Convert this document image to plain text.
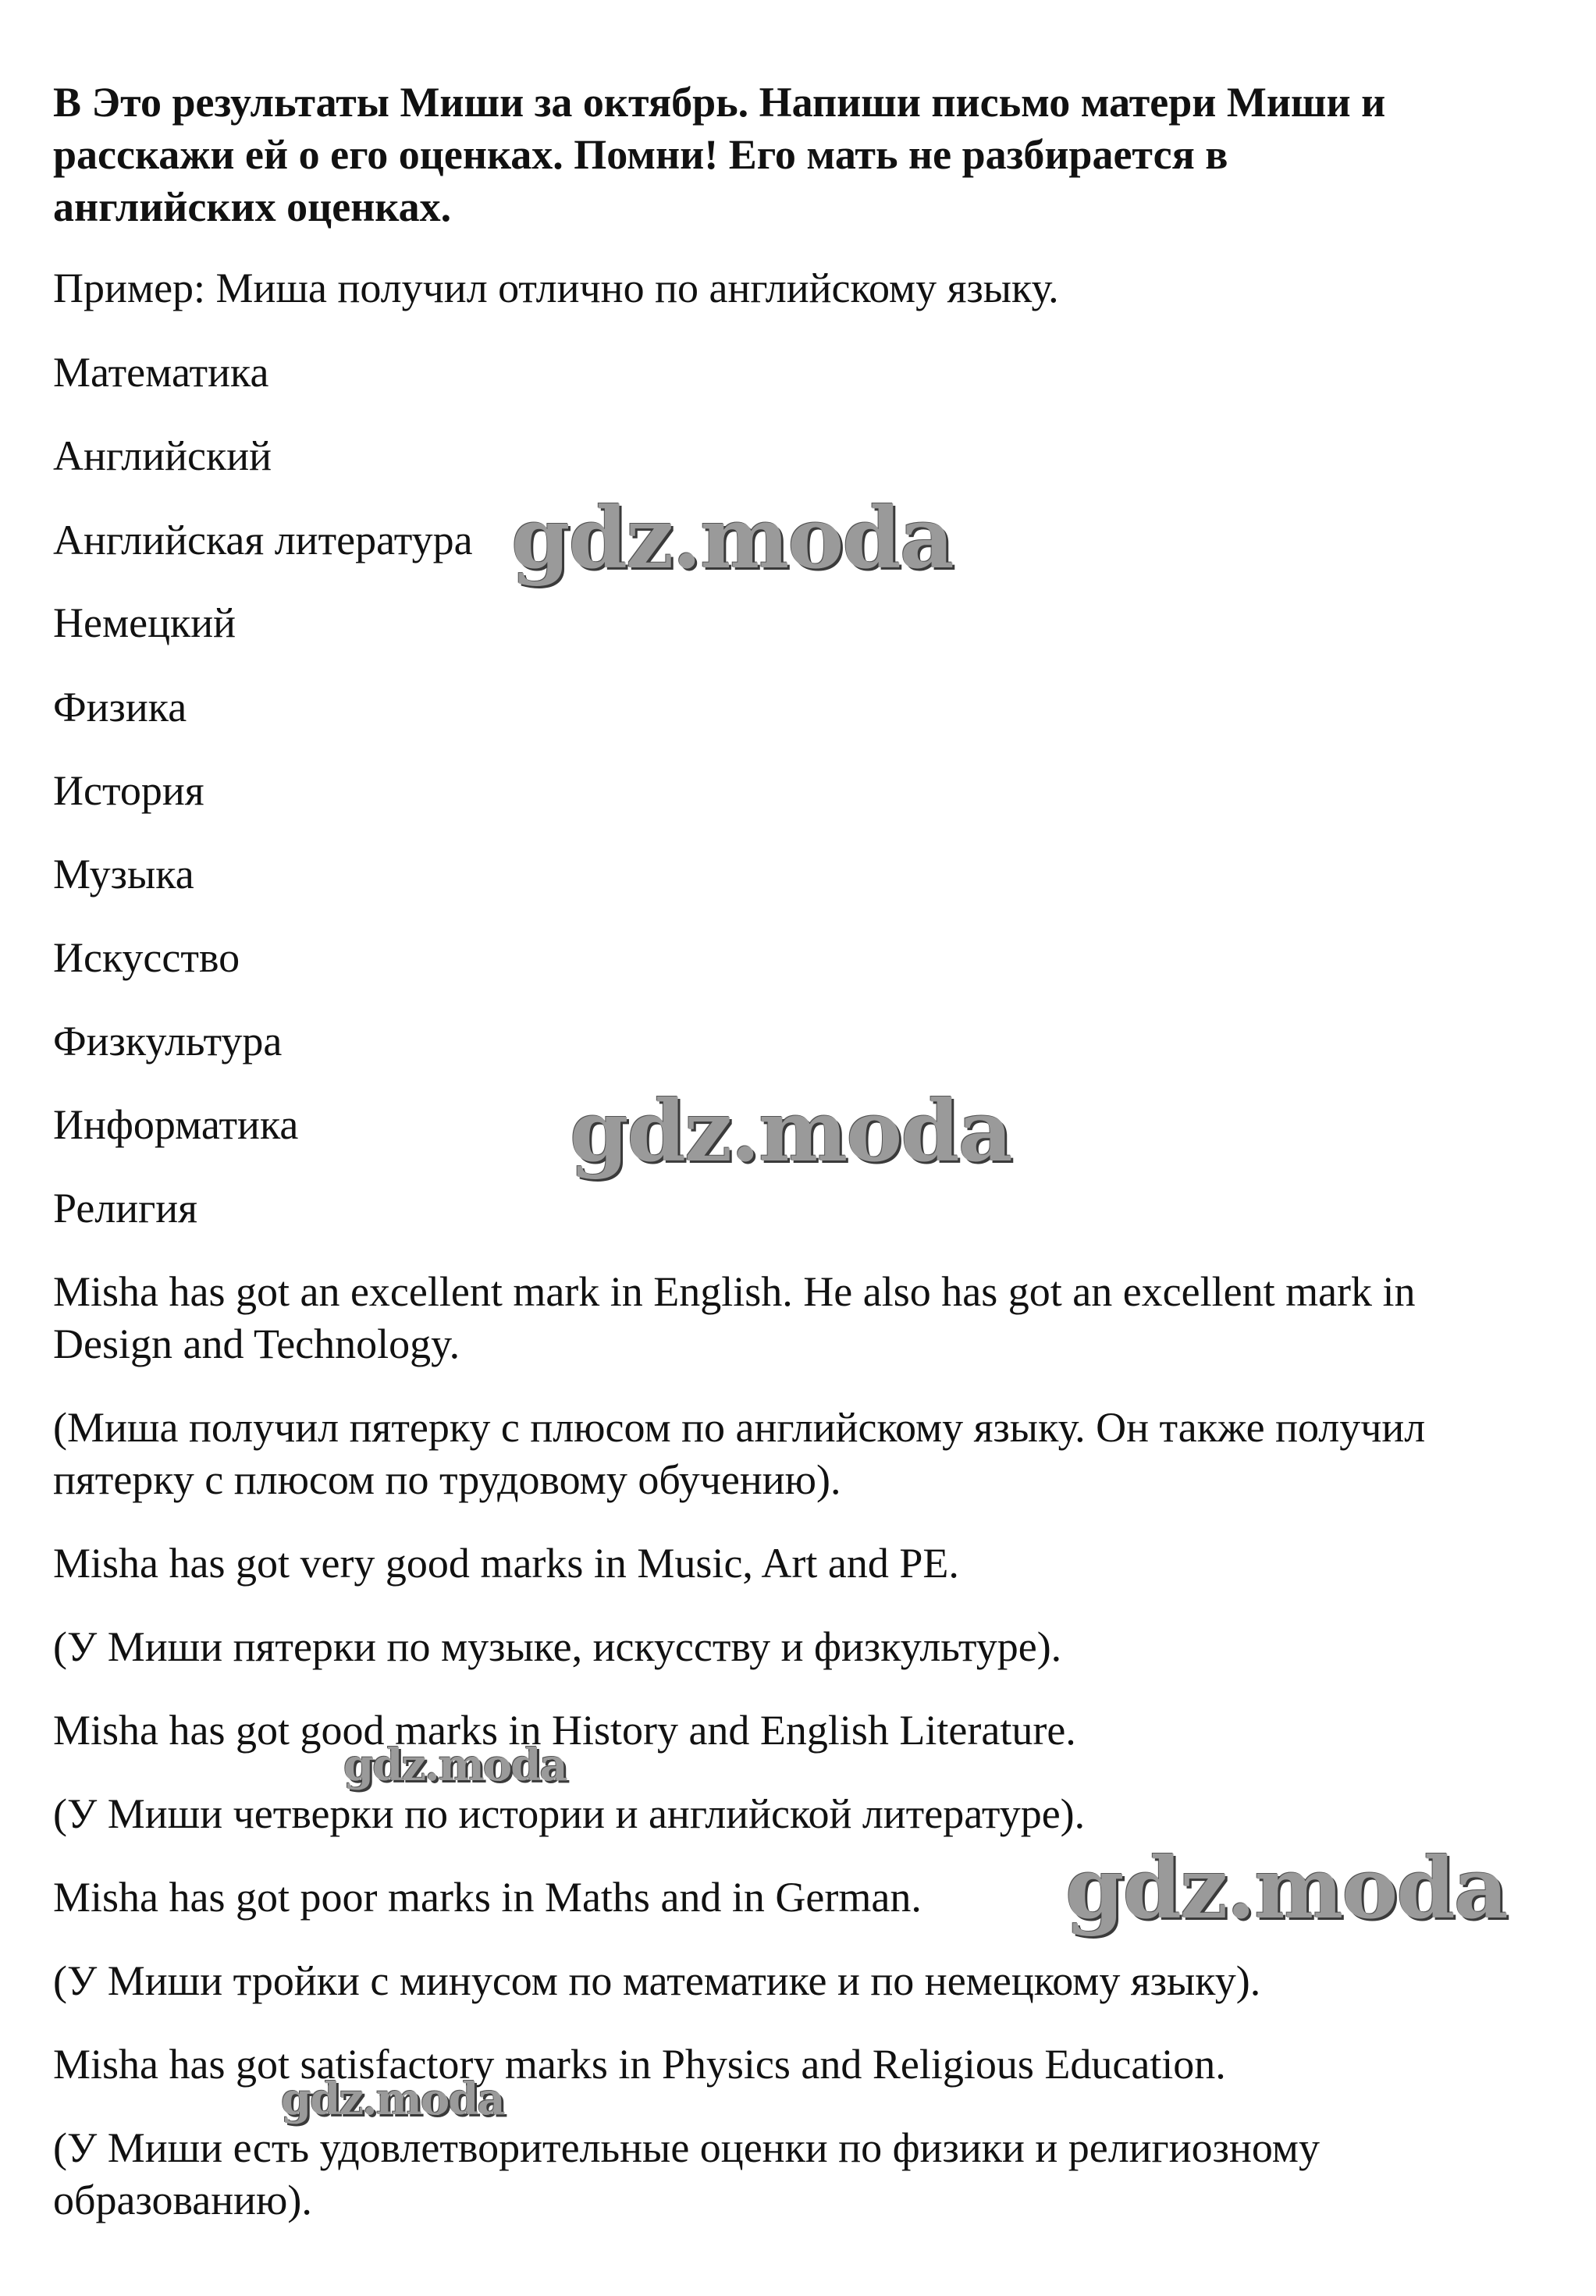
В Это результаты Миши за октябрь. Напиши письмо матери Миши и
расскажи ей о его оценках. Помни! Его мать не разбирается в
английских оценках.
Пример: Миша получил отлично по английскому языку.
Математика
Английский
Английская литература
Немецкий
Физика
История
Музыка
Искусство
Физкультура
Информатика
Религия
Misha has got an excellent mark in English. He also has got an excellent mark in
Design and Technology.
(Миша получил пятерку с плюсом по английскому языку. Он также получил
пятерку с плюсом по трудовому обучению).
Misha has got very good marks in Music, Art and PE.
(У Миши пятерки по музыке, искусству и физкультуре).
Misha has got good marks in History and English Literature.
(У Миши четверки по истории и английской литературе).
Misha has got poor marks in Maths and in German.
(У Миши тройки с минусом по математике и по немецкому языку).
Misha has got satisfactory marks in Physics and Religious Education.
(У Миши есть удовлетворительные оценки по физики и религиозному
образованию).
gdz.moda
gdz.moda
gdz.moda
gdz.moda
gdz.moda
